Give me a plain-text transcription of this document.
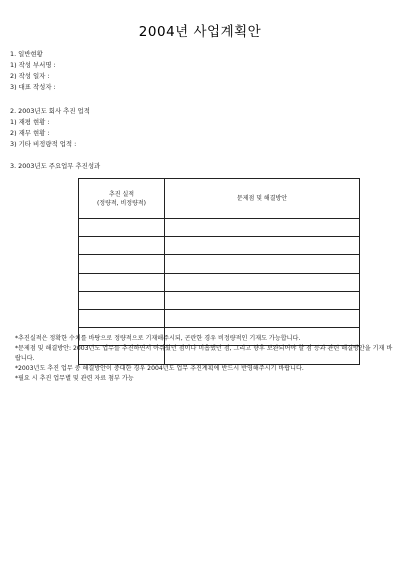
2004년 사업계획안
1. 일반현황
1) 작성 부서명 :
2) 작성 일자 :
3) 대표 작성자 :
2. 2003년도 회사 추진 업적
1) 재평 현황 :
2) 재무 현황 :
3) 기타 비정량적 업적 :
3. 2003년도 주요업무 추진성과
추진 실적
(정량적, 비정량적)	문제점 및 해결방안

*추진실적은 정확한 수치를 바탕으로 정량적으로 기재해주시되, 곤란한 경우 비정량적인 기재도 가능합니다.
*문제점 및 해결방안: 2003년도 업무를 추진하면서 아쉬웠던 점이나 미흡했던 점, 그리고 향후 보완되어야 할 점 등과 관련 해결방안을 기재 바랍니다.
*2003년도 추진 업무 중 해결방안이 중대한 경우 2004년도 업무 추진계획에 반드시 반영해주시기 바랍니다.
*필요 시 추진 업무별 및 관련 자료 첨부 가능
